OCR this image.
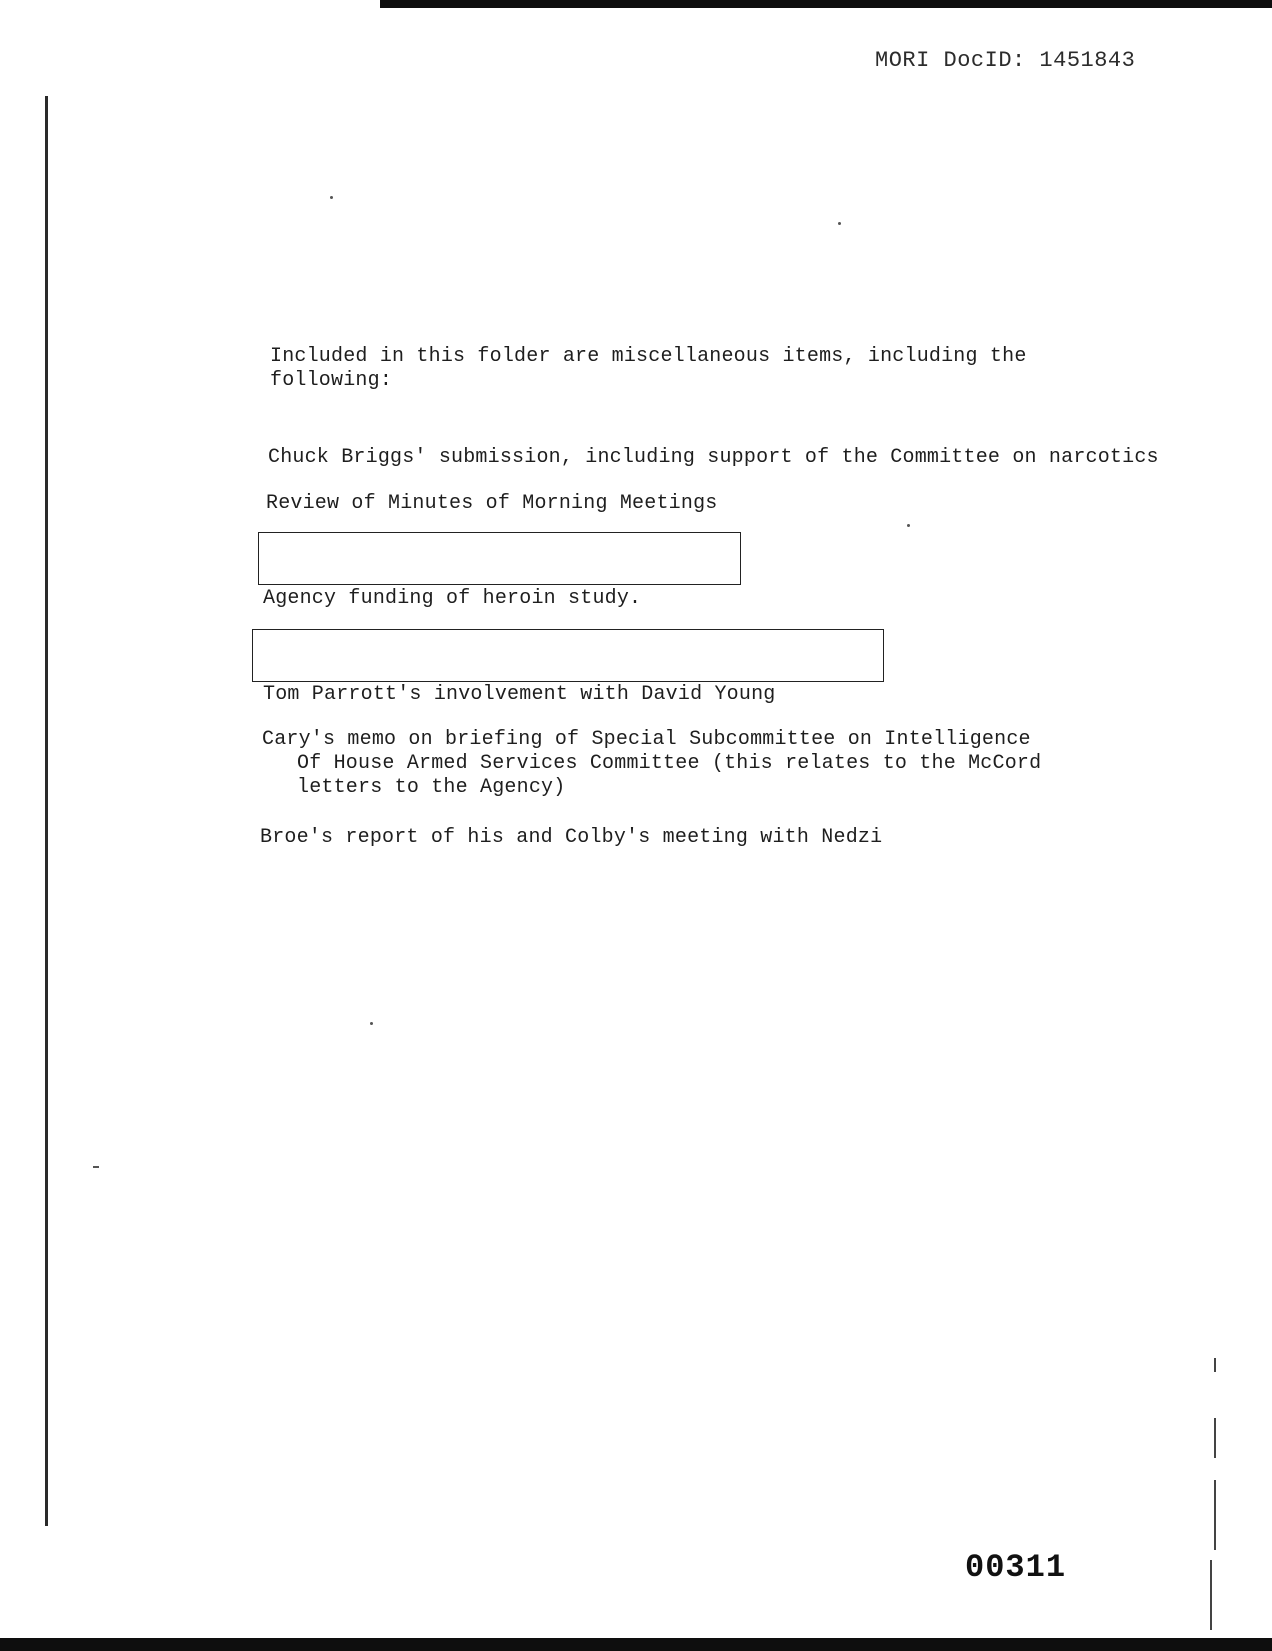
MORI DocID: 1451843
Included in this folder are miscellaneous items, including the
following:
Chuck Briggs' submission, including support of the Committee on narcotics
Review of Minutes of Morning Meetings
Agency funding of heroin study.
Tom Parrott's involvement with David Young
Cary's memo on briefing of Special Subcommittee on Intelligence
Of House Armed Services Committee (this relates to the McCord
letters to the Agency)
Broe's report of his and Colby's meeting with Nedzi
00311
